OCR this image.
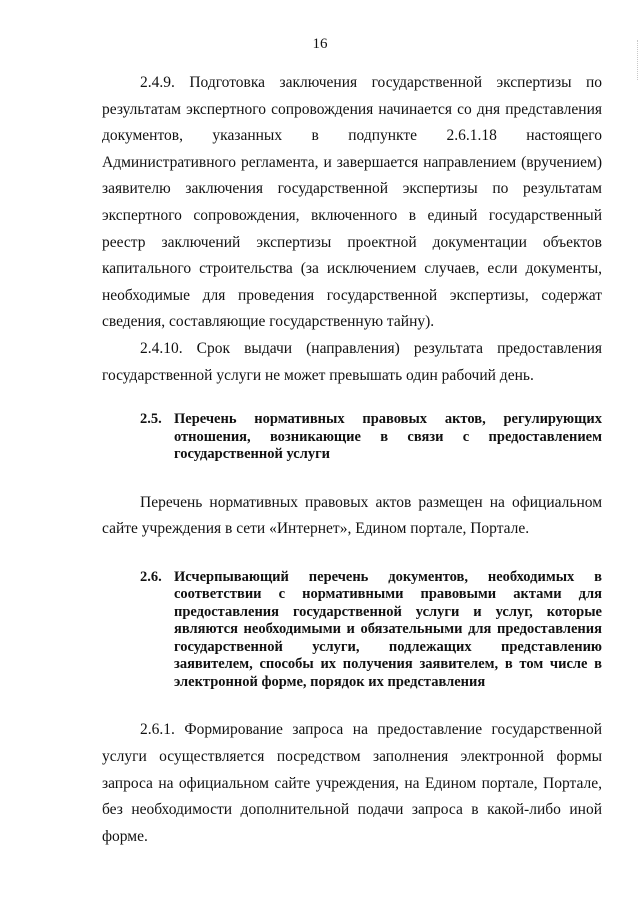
16

2.4.9. Подготовка заключения государственной экспертизы по результатам экспертного сопровождения начинается со дня представления документов, указанных в подпункте 2.6.1.18 настоящего Административного регламента, и завершается направлением (вручением) заявителю заключения государственной экспертизы по результатам экспертного сопровождения, включенного в единый государственный реестр заключений экспертизы проектной документации объектов капитального строительства (за исключением случаев, если документы, необходимые для проведения государственной экспертизы, содержат сведения, составляющие государственную тайну).

2.4.10. Срок выдачи (направления) результата предоставления государственной услуги не может превышать один рабочий день.

2.5. Перечень нормативных правовых актов, регулирующих отношения, возникающие в связи с предоставлением государственной услуги

Перечень нормативных правовых актов размещен на официальном сайте учреждения в сети «Интернет», Едином портале, Портале.

2.6. Исчерпывающий перечень документов, необходимых в соответствии с нормативными правовыми актами для предоставления государственной услуги и услуг, которые являются необходимыми и обязательными для предоставления государственной услуги, подлежащих представлению заявителем, способы их получения заявителем, в том числе в электронной форме, порядок их представления

2.6.1. Формирование запроса на предоставление государственной услуги осуществляется посредством заполнения электронной формы запроса на официальном сайте учреждения, на Едином портале, Портале, без необходимости дополнительной подачи запроса в какой-либо иной форме.
